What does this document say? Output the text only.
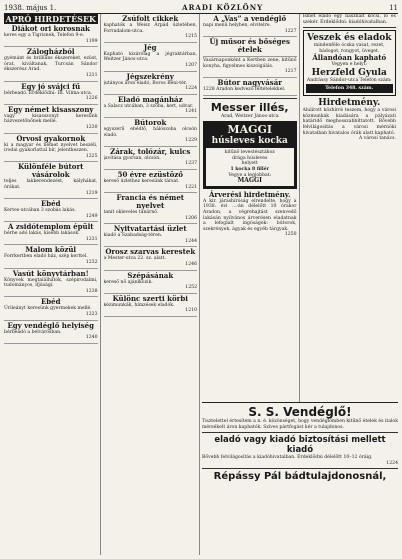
1938. május 1.	ARADI KÖZLÖNY	11
APRÓ HIRDETÉSEK
Diákot ori korosnak
keres egy a Tigrisnek, Telefon 9-e.
1199
Zálogházból
gyémánt és brilliáns ékszereket, ezüst, órat, kiváltanak, Turcsán Sándor ékszerész Arad.
1211
Egy jó svájci fű
bérbeadó. Érdeklődni: III. Vilma-utca.
1226
Egy német kisasszony
vagy kisasszonyt keresünk házvezetőnőnek mellé.
1230
Orvosi gyakornok
ki a magyar és német nyelvet beszéli, irodai gyakorlattal bír, jelentkezzen.
1225
Különféle bútort vásárolok
teljes lakberendezést, kályhákat, órákat.
1219
Ebéd
Kertes-utcában 3 szobás lakás.
1249
A zsidótemplom épült
bérbe adó lakás, kisebb lakások.
1231
Malom közül
Forrkertben eladó ház, szép kerttel.
1232
Vasút könyvtárban!
Könyvek megtalálhatók, szépirodalmi, tudományos, ifjúsági.
1238
Ebéd
Úrileányt keresünk gyermekek mellé.
1223
Egy vendéglő helyiség
bérbeadó a belvárosban.
1240
Zsúfolt cikkek
kaphatók a Weisz Árpád üzletében, Forradalom-utca.
1215
Jég
Kapható kizárólag a jégraktárban, Weitzer János-utca.
1207
Jégszekrény
jutányos áron eladó, Boros Béni-tér.
1224
Eladó magánház
a Salacz utcában, 3 szoba, kert, udvar.
1241
Bútorok
egyszerű ebédlő, hálószoba olcsón eladó.
1229
Zárak, tolózár, kulcs
javítása gyorsan, olcsón.
1237
50 évre ezüstöző
kereső üzlethez keresünk társat.
1221
Francia és német nyelvet
tanít okleveles tanárnő.
1206
Nyitvatartási üzlet
kiadó a Szabadság-téren.
1244
Orosz szarvas kerestek
a Mester-utca 22. sz. alatt.
1246
Szépásának
kereső nő ajánlkozik.
1252
Különc szerti körbi
kézimunkák, hímzések eladók.
1210
A „Vas” a vendéglő
napi menü helyben, elvitelre.
1227
Új műsor és bőséges ételek
Vasárnaponként a Kertben zene, kitűnő konyha, figyelmes kiszolgálás.
1217
Bútor nagyvásár
1228 Aradon kedvező feltételekkel.
Messer illés,
Arad, Weitzer János-utca
MAGGI
húsleves kocka
kitűnő levestésztához
drága húsleves
helyett
1 kocka 8 fillér
Vegye a legjobbat:
MAGGI
Árverési hirdetmény.
A kir. járásbíróság elrendelte, hogy a 1938. évi ...-án délelőtt 10 órakor Aradon, a végrehajtást szenvedő lakásán nyilvános árverésen eladatnak a lefoglalt ingóságok: bútorok, szekrények, ágyak és egyéb tárgyak.
1250
Ismét eladó egy használt kocsi, ló és szekér. Érdeklődni: kiadóhivatalban.
Veszek és eladok
mindenféle ócska vasat, rezet, bádogot, rongyot, üveget.
Állandóan kapható
Vegyen e helyt:
Herzfeld Gyula
Andrássy Sándor-utca Telefon szám:
Telefon 348. szám.
Hirdetmény.
Alulírott közhírré teszem, hogy a városi közmunkák kiadására a pályázati határidő meghosszabbíttatott. Bővebb felvilágosítás a városi mérnöki hivatalban hivatalos órák alatt kapható.
A városi tanács.
S. S. Vendéglő!
Tisztelettel értesítem a n. é. közönséget, hogy vendéglőmben kitűnő ételek és italok mérsékelt áron kaphatók. Szíves pártfogást kér a tulajdonos.
eladó vagy kiadó biztosítási mellett kiadó
Bővebb felvilágosítás a kiadóhivatalban. Érdeklődni délelőtt 10–12 óráig.
1224
Répássy Pál bádtulajdonosnál,
